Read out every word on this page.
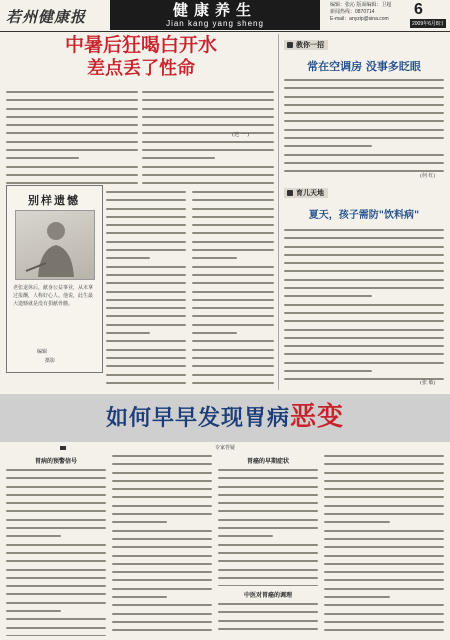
若州健康报	健康养生
Jian kang yang sheng
编辑：张沁 版面编辑：卫超
新闻热线：0870714
E-mail：anyzip@sina.com
6
2009年6月8日
中暑后狂喝白开水
差点丢了性命
(达 一 )
别样遗憾
老张退休后，献身公益事业，从未拿过报酬，人称好心人。他说，此生最大遗憾就是没有捐献骨髓。
编辑
摄影
教你一招
常在空调房 没事多眨眼
(何 红)
育儿天地
夏天，孩子需防"饮料病"
(张 敏)
如何早早发现胃病恶变
专家答疑
胃病的预警信号	胃癌的早期症状
中医对胃癌的调理
